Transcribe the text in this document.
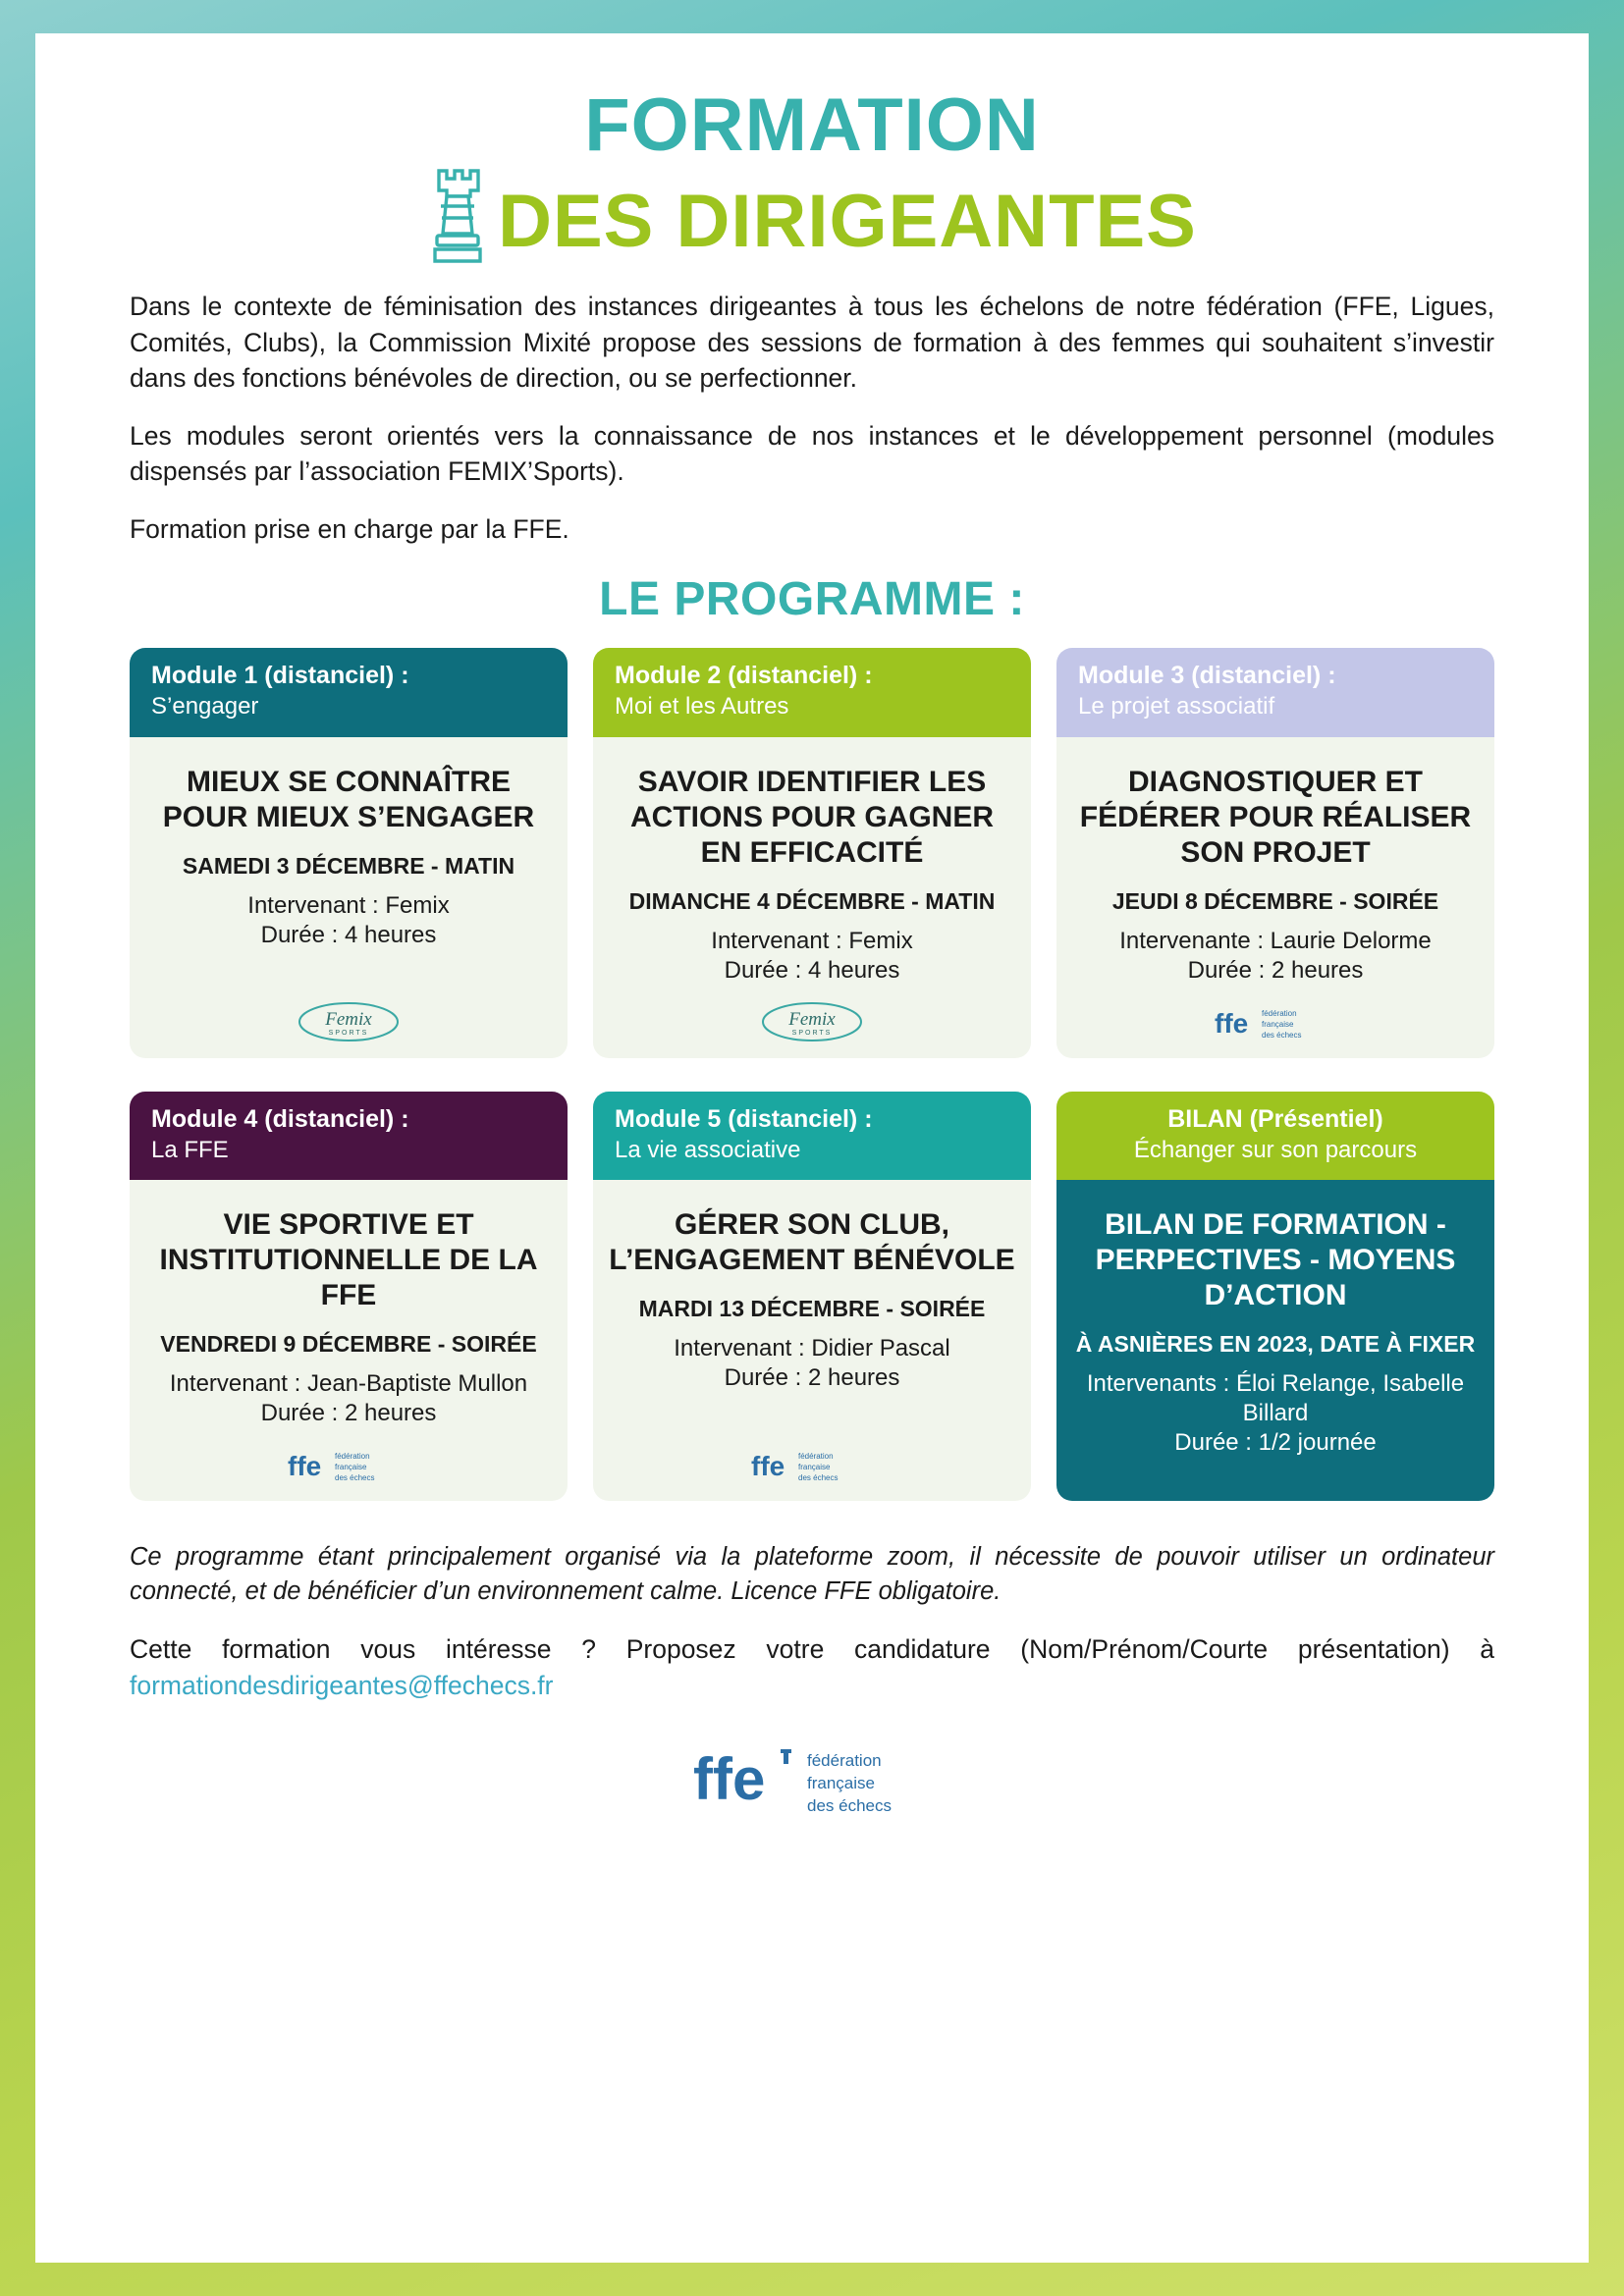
FORMATION
DES DIRIGEANTES

Dans le contexte de féminisation des instances dirigeantes à tous les échelons de notre fédération (FFE, Ligues, Comités, Clubs), la Commission Mixité propose des sessions de formation à des femmes qui souhaitent s’investir dans des fonctions bénévoles de direction, ou se perfectionner.

Les modules seront orientés vers la connaissance de nos instances et le développement personnel (modules dispensés par l’association FEMIX’Sports).

Formation prise en charge par la FFE.

LE PROGRAMME :
Module 1 (distanciel) :
S’engager
MIEUX SE CONNAÎTRE POUR MIEUX S’ENGAGER
SAMEDI 3 DÉCEMBRE - MATIN
Intervenant : Femix
Durée : 4 heures
Femix
SPORTS
Module 2 (distanciel) :
Moi et les Autres
SAVOIR IDENTIFIER LES ACTIONS POUR GAGNER EN EFFICACITÉ
DIMANCHE 4 DÉCEMBRE - MATIN
Intervenant : Femix
Durée : 4 heures
Femix
SPORTS
Module 3 (distanciel) :
Le projet associatif
DIAGNOSTIQUER ET FÉDÉRER POUR RÉALISER SON PROJET
JEUDI 8 DÉCEMBRE - SOIRÉE
Intervenante : Laurie Delorme
Durée : 2 heures
ffe fédération
française
des échecs
Module 4 (distanciel) :
La FFE
VIE SPORTIVE ET INSTITUTIONNELLE DE LA FFE
VENDREDI 9 DÉCEMBRE - SOIRÉE
Intervenant : Jean-Baptiste Mullon
Durée : 2 heures
ffe fédération
française
des échecs
Module 5 (distanciel) :
La vie associative
GÉRER SON CLUB, L’ENGAGEMENT BÉNÉVOLE
MARDI 13 DÉCEMBRE - SOIRÉE
Intervenant : Didier Pascal
Durée : 2 heures
ffe fédération
française
des échecs
BILAN (Présentiel)
Échanger sur son parcours
BILAN DE FORMATION - PERPECTIVES - MOYENS D’ACTION
À ASNIÈRES EN 2023, DATE À FIXER
Intervenants : Éloi Relange, Isabelle Billard
Durée : 1/2 journée

Ce programme étant principalement organisé via la plateforme zoom, il nécessite de pouvoir utiliser un ordinateur connecté, et de bénéficier d’un environnement calme. Licence FFE obligatoire.

Cette formation vous intéresse ? Proposez votre candidature (Nom/Prénom/Courte présentation) à formationdesdirigeantes@ffechecs.fr

ffe	fédération
française
des échecs
